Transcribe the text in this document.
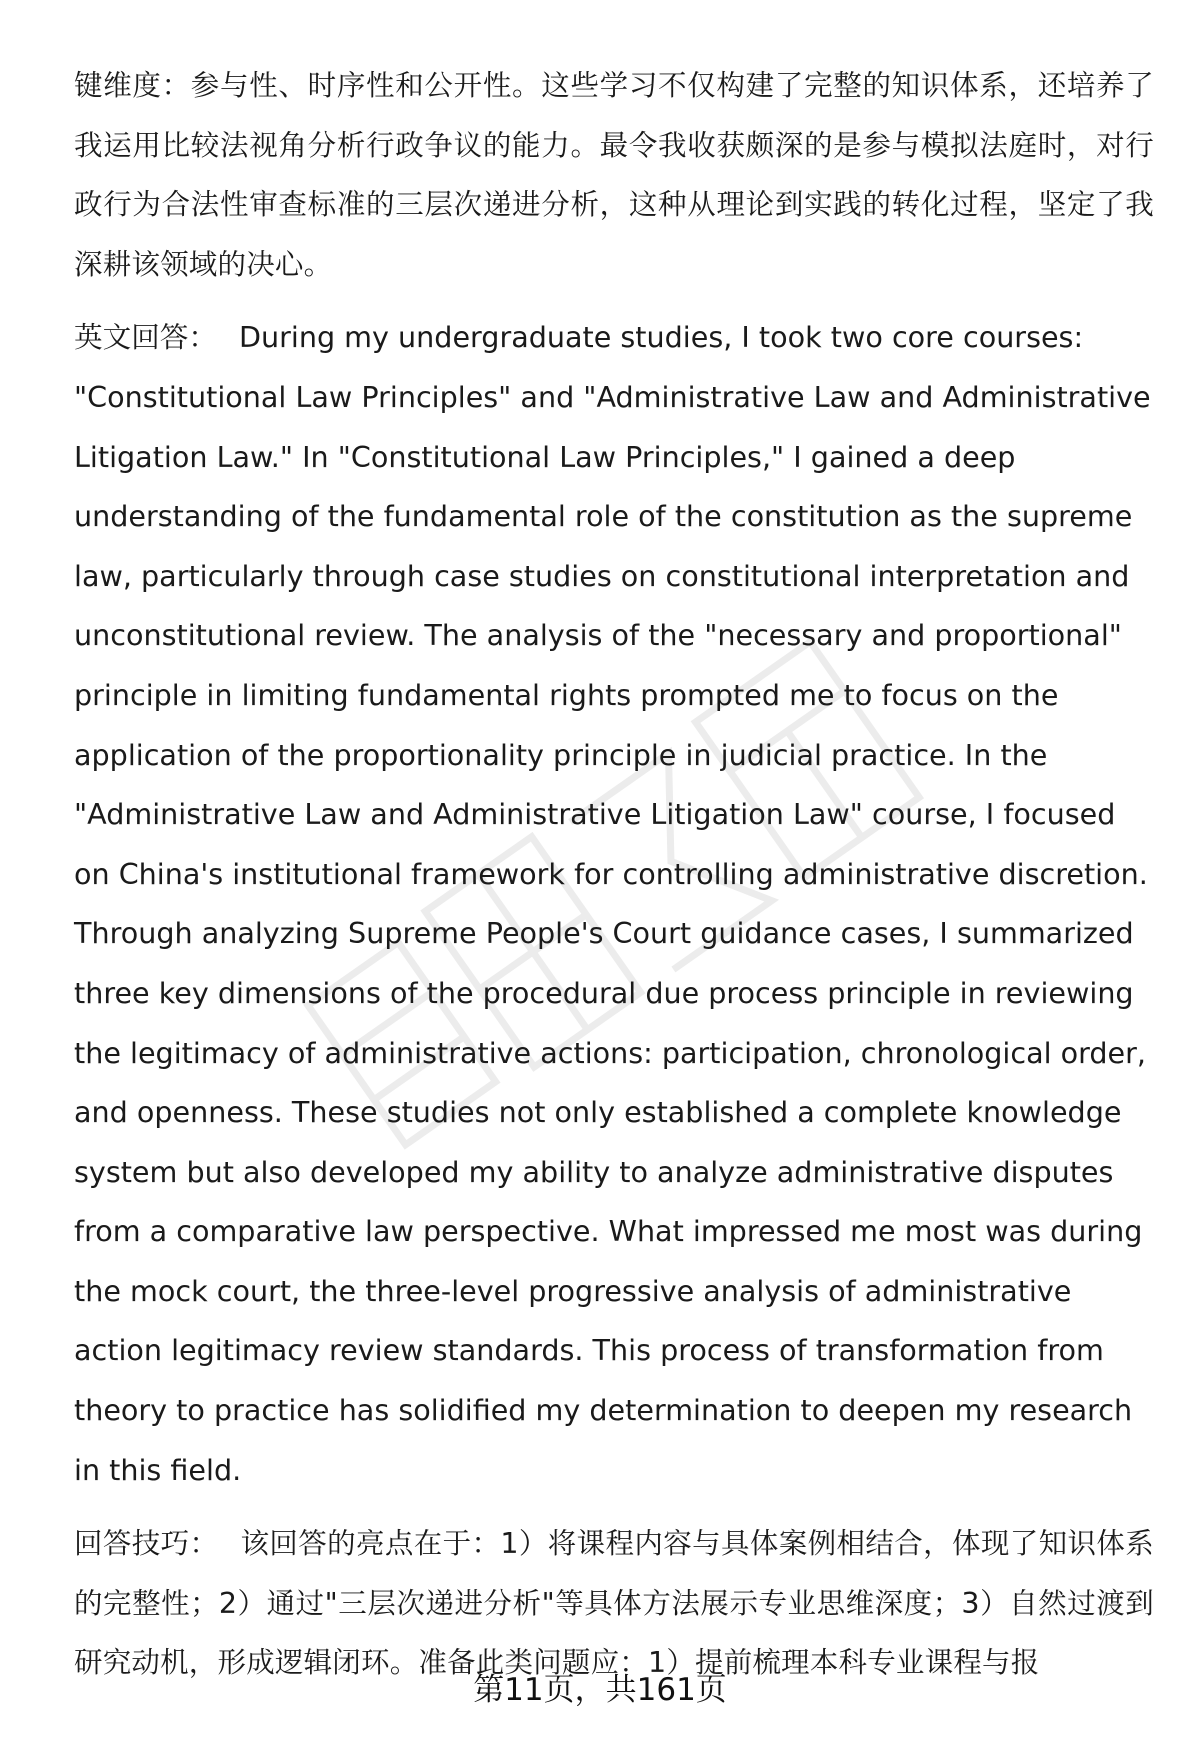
键维度：参与性、时序性和公开性。这些学习不仅构建了完整的知识体系，还培养了我运用比较法视角分析行政争议的能力。最令我收获颇深的是参与模拟法庭时，对行政行为合法性审查标准的三层次递进分析，这种从理论到实践的转化过程，坚定了我深耕该领域的决心。

英文回答： During my undergraduate studies, I took two core courses: "Constitutional Law Principles" and "Administrative Law and Administrative Litigation Law." In "Constitutional Law Principles," I gained a deep understanding of the fundamental role of the constitution as the supreme law, particularly through case studies on constitutional interpretation and unconstitutional review. The analysis of the "necessary and proportional" principle in limiting fundamental rights prompted me to focus on the application of the proportionality principle in judicial practice. In the "Administrative Law and Administrative Litigation Law" course, I focused on China's institutional framework for controlling administrative discretion. Through analyzing Supreme People's Court guidance cases, I summarized three key dimensions of the procedural due process principle in reviewing the legitimacy of administrative actions: participation, chronological order, and openness. These studies not only established a complete knowledge system but also developed my ability to analyze administrative disputes from a comparative law perspective. What impressed me most was during the mock court, the three-level progressive analysis of administrative action legitimacy review standards. This process of transformation from theory to practice has solidified my determination to deepen my research in this field.

回答技巧： 该回答的亮点在于：1）将课程内容与具体案例相结合，体现了知识体系的完整性；2）通过"三层次递进分析"等具体方法展示专业思维深度；3）自然过渡到研究动机，形成逻辑闭环。准备此类问题应：1）提前梳理本科专业课程与报

第11页，共161页
